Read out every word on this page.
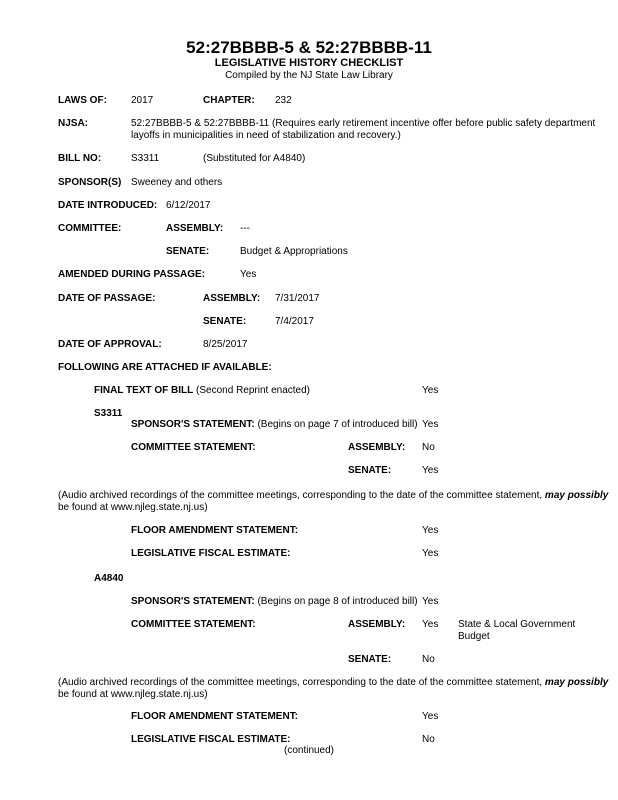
52:27BBBB-5 & 52:27BBBB-11
LEGISLATIVE HISTORY CHECKLIST
Compiled by the NJ State Law Library
LAWS OF: 2017	CHAPTER: 232
NJSA:	52:27BBBB-5 & 52:27BBBB-11 (Requires early retirement incentive offer before public safety department
layoffs in municipalities in need of stabilization and recovery.)
BILL NO:	S3311	(Substituted for A4840)
SPONSOR(S) Sweeney and others
DATE INTRODUCED: 6/12/2017
COMMITTEE:	ASSEMBLY: ---
SENATE:	Budget & Appropriations
AMENDED DURING PASSAGE:	Yes
DATE OF PASSAGE:	ASSEMBLY: 7/31/2017
SENATE:	7/4/2017
DATE OF APPROVAL:	8/25/2017
FOLLOWING ARE ATTACHED IF AVAILABLE:
FINAL TEXT OF BILL (Second Reprint enacted)	Yes
S3311
SPONSOR'S STATEMENT: (Begins on page 7 of introduced bill) Yes
COMMITTEE STATEMENT:	ASSEMBLY: No
SENATE:	Yes
(Audio archived recordings of the committee meetings, corresponding to the date of the committee statement, may possibly
be found at www.njleg.state.nj.us)
FLOOR AMENDMENT STATEMENT:	Yes
LEGISLATIVE FISCAL ESTIMATE:	Yes
A4840
SPONSOR'S STATEMENT: (Begins on page 8 of introduced bill) Yes
COMMITTEE STATEMENT:	ASSEMBLY: Yes State & Local Government
Budget
SENATE:	No
(Audio archived recordings of the committee meetings, corresponding to the date of the committee statement, may possibly
be found at www.njleg.state.nj.us)
FLOOR AMENDMENT STATEMENT:	Yes
LEGISLATIVE FISCAL ESTIMATE:	No
(continued)
